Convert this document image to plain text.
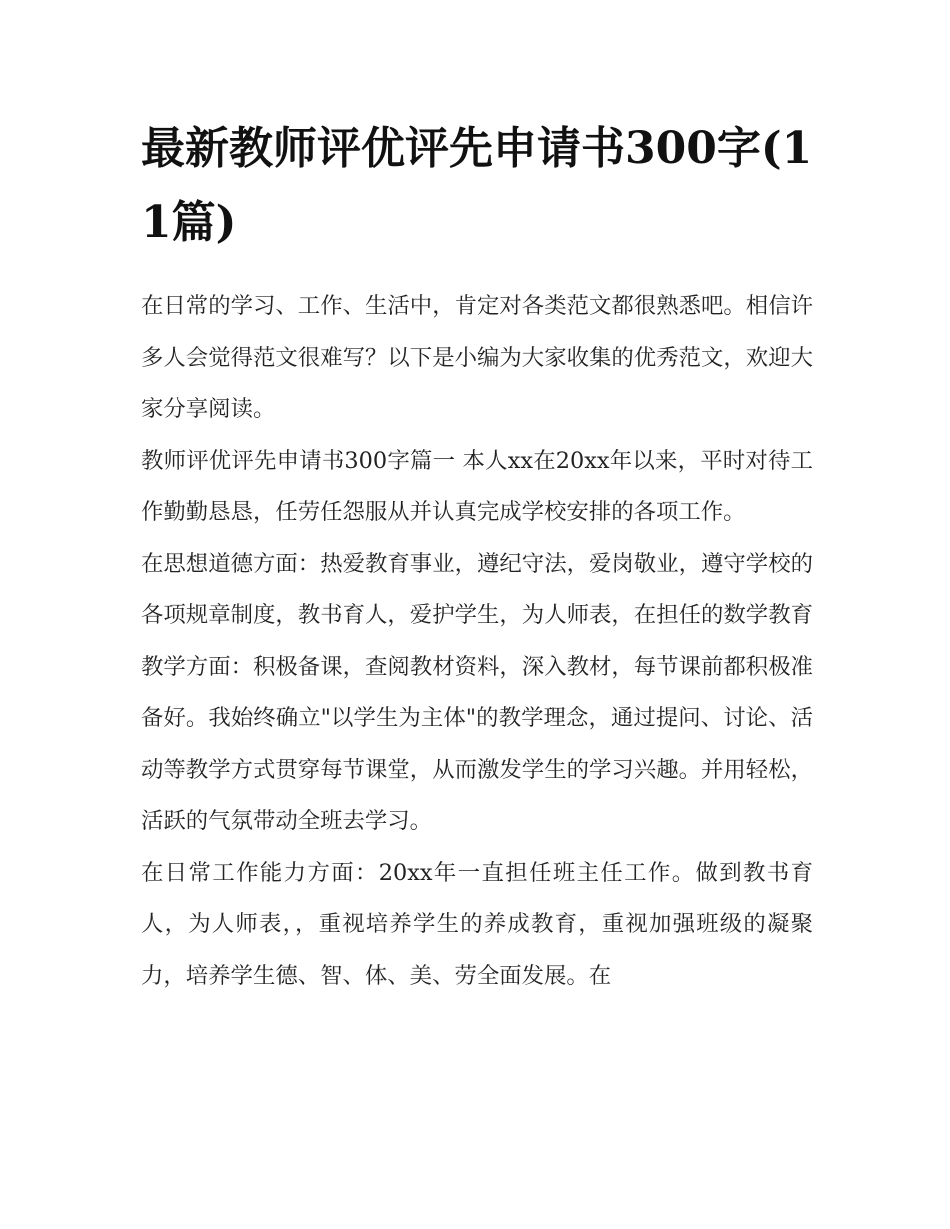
最新教师评优评先申请书300字(11篇)

在日常的学习、工作、生活中，肯定对各类范文都很熟悉吧。相信许多人会觉得范文很难写？以下是小编为大家收集的优秀范文，欢迎大家分享阅读。

教师评优评先申请书300字篇一 本人xx在20xx年以来，平时对待工作勤勤恳恳，任劳任怨服从并认真完成学校安排的各项工作。

在思想道德方面：热爱教育事业，遵纪守法，爱岗敬业，遵守学校的各项规章制度，教书育人，爱护学生，为人师表，在担任的数学教育教学方面：积极备课，查阅教材资料，深入教材，每节课前都积极准备好。我始终确立"以学生为主体"的教学理念，通过提问、讨论、活动等教学方式贯穿每节课堂，从而激发学生的学习兴趣。并用轻松，活跃的气氛带动全班去学习。

在日常工作能力方面：20xx年一直担任班主任工作。做到教书育人，为人师表，，重视培养学生的养成教育，重视加强班级的凝聚力，培养学生德、智、体、美、劳全面发展。在
